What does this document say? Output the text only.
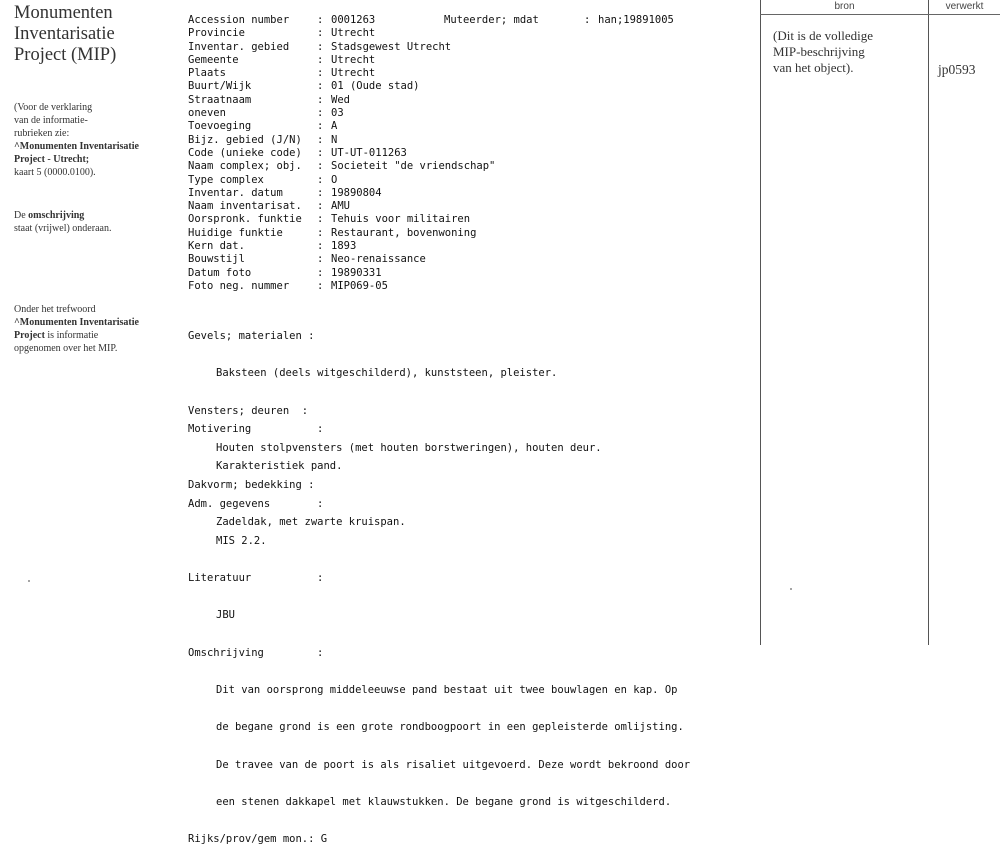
Monumenten
Inventarisatie
Project (MIP)

(Voor de verklaring
van de informatie-
rubrieken zie:
^Monumenten Inventarisatie
Project - Utrecht;
kaart 5 (0000.0100).

De omschrijving
staat (vrijwel) onderaan.

Onder het trefwoord
^Monumenten Inventarisatie
Project is informatie
opgenomen over het MIP.

Accession number	: 0001263
Provincie	: Utrecht
Inventar. gebied	: Stadsgewest Utrecht
Gemeente	: Utrecht
Plaats	: Utrecht
Buurt/Wijk	: 01 (Oude stad)
Straatnaam	: Wed
oneven	: 03
Toevoeging	: A
Bijz. gebied (J/N)	: N
Code (unieke code)	: UT-UT-011263
Naam complex; obj.	: Societeit "de vriendschap"
Type complex	: O
Inventar. datum	: 19890804
Naam inventarisat.	: AMU
Oorspronk. funktie	: Tehuis voor militairen
Huidige funktie	: Restaurant, bovenwoning
Kern dat.	: 1893
Bouwstijl	: Neo-renaissance
Datum foto	: 19890331
Foto neg. nummer	: MIP069-05
Muteerder; mdat	: han;19891005

Gevels; materialen :

Baksteen (deels witgeschilderd), kunststeen, pleister.

Vensters; deuren  :

Houten stolpvensters (met houten borstweringen), houten deur.

Dakvorm; bedekking :

Zadeldak, met zwarte kruispan.

Motivering	:

Karakteristiek pand.

Adm. gegevens	:

MIS 2.2.

Literatuur	:

JBU

Omschrijving	:

Dit van oorsprong middeleeuwse pand bestaat uit twee bouwlagen en kap. Op

de begane grond is een grote rondboogpoort in een gepleisterde omlijsting.

De travee van de poort is als risaliet uitgevoerd. Deze wordt bekroond door

een stenen dakkapel met klauwstukken. De begane grond is witgeschilderd.

Rijks/prov/gem mon.: G

bron	verwerkt
(Dit is de volledige
MIP-beschrijving
van het object).	jp0593
